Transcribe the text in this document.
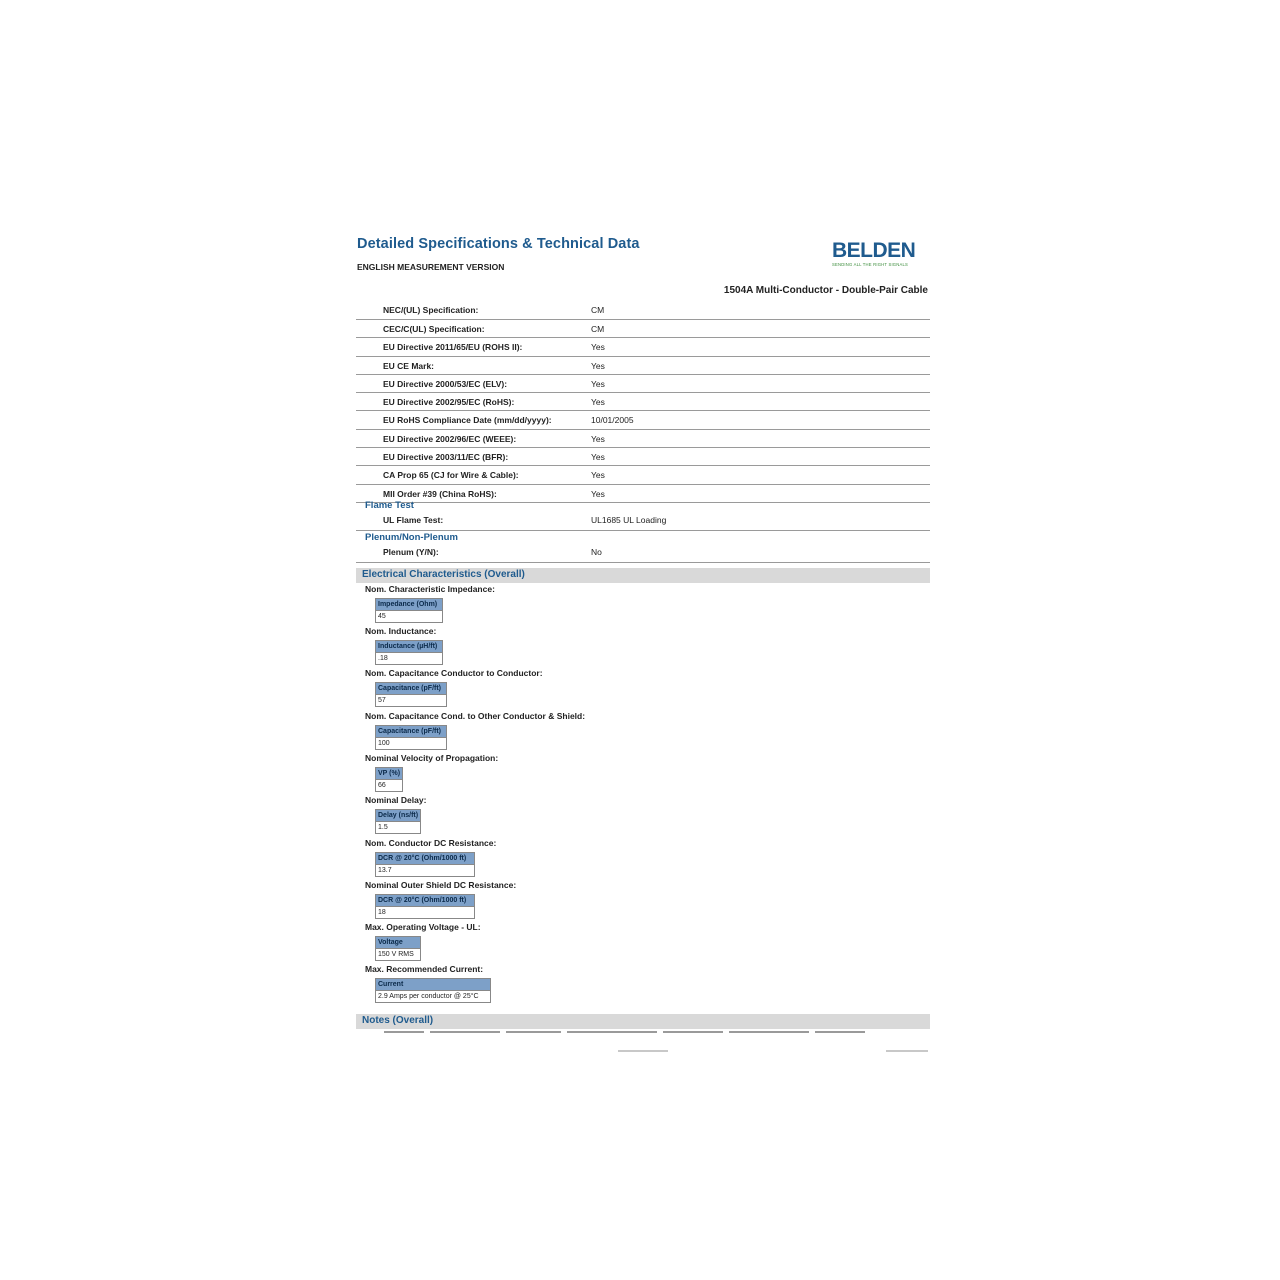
Detailed Specifications & Technical Data
ENGLISH MEASUREMENT VERSION
BELDEN
SENDING ALL THE RIGHT SIGNALS
1504A Multi-Conductor - Double-Pair Cable
NEC/(UL) Specification:	CM
CEC/C(UL) Specification:	CM
EU Directive 2011/65/EU (ROHS II):	Yes
EU CE Mark:	Yes
EU Directive 2000/53/EC (ELV):	Yes
EU Directive 2002/95/EC (RoHS):	Yes
EU RoHS Compliance Date (mm/dd/yyyy):	10/01/2005
EU Directive 2002/96/EC (WEEE):	Yes
EU Directive 2003/11/EC (BFR):	Yes
CA Prop 65 (CJ for Wire & Cable):	Yes
MII Order #39 (China RoHS):	Yes
Flame Test
UL Flame Test:	UL1685 UL Loading
Plenum/Non-Plenum
Plenum (Y/N):	No
Electrical Characteristics (Overall)
Nom. Characteristic Impedance:
Impedance (Ohm)
45
Nom. Inductance:
Inductance (µH/ft)
.18
Nom. Capacitance Conductor to Conductor:
Capacitance (pF/ft)
57
Nom. Capacitance Cond. to Other Conductor & Shield:
Capacitance (pF/ft)
100
Nominal Velocity of Propagation:
VP (%)
66
Nominal Delay:
Delay (ns/ft)
1.5
Nom. Conductor DC Resistance:
DCR @ 20°C (Ohm/1000 ft)
13.7
Nominal Outer Shield DC Resistance:
DCR @ 20°C (Ohm/1000 ft)
18
Max. Operating Voltage - UL:
Voltage
150 V RMS
Max. Recommended Current:
Current
2.9 Amps per conductor @ 25°C
Notes (Overall)
